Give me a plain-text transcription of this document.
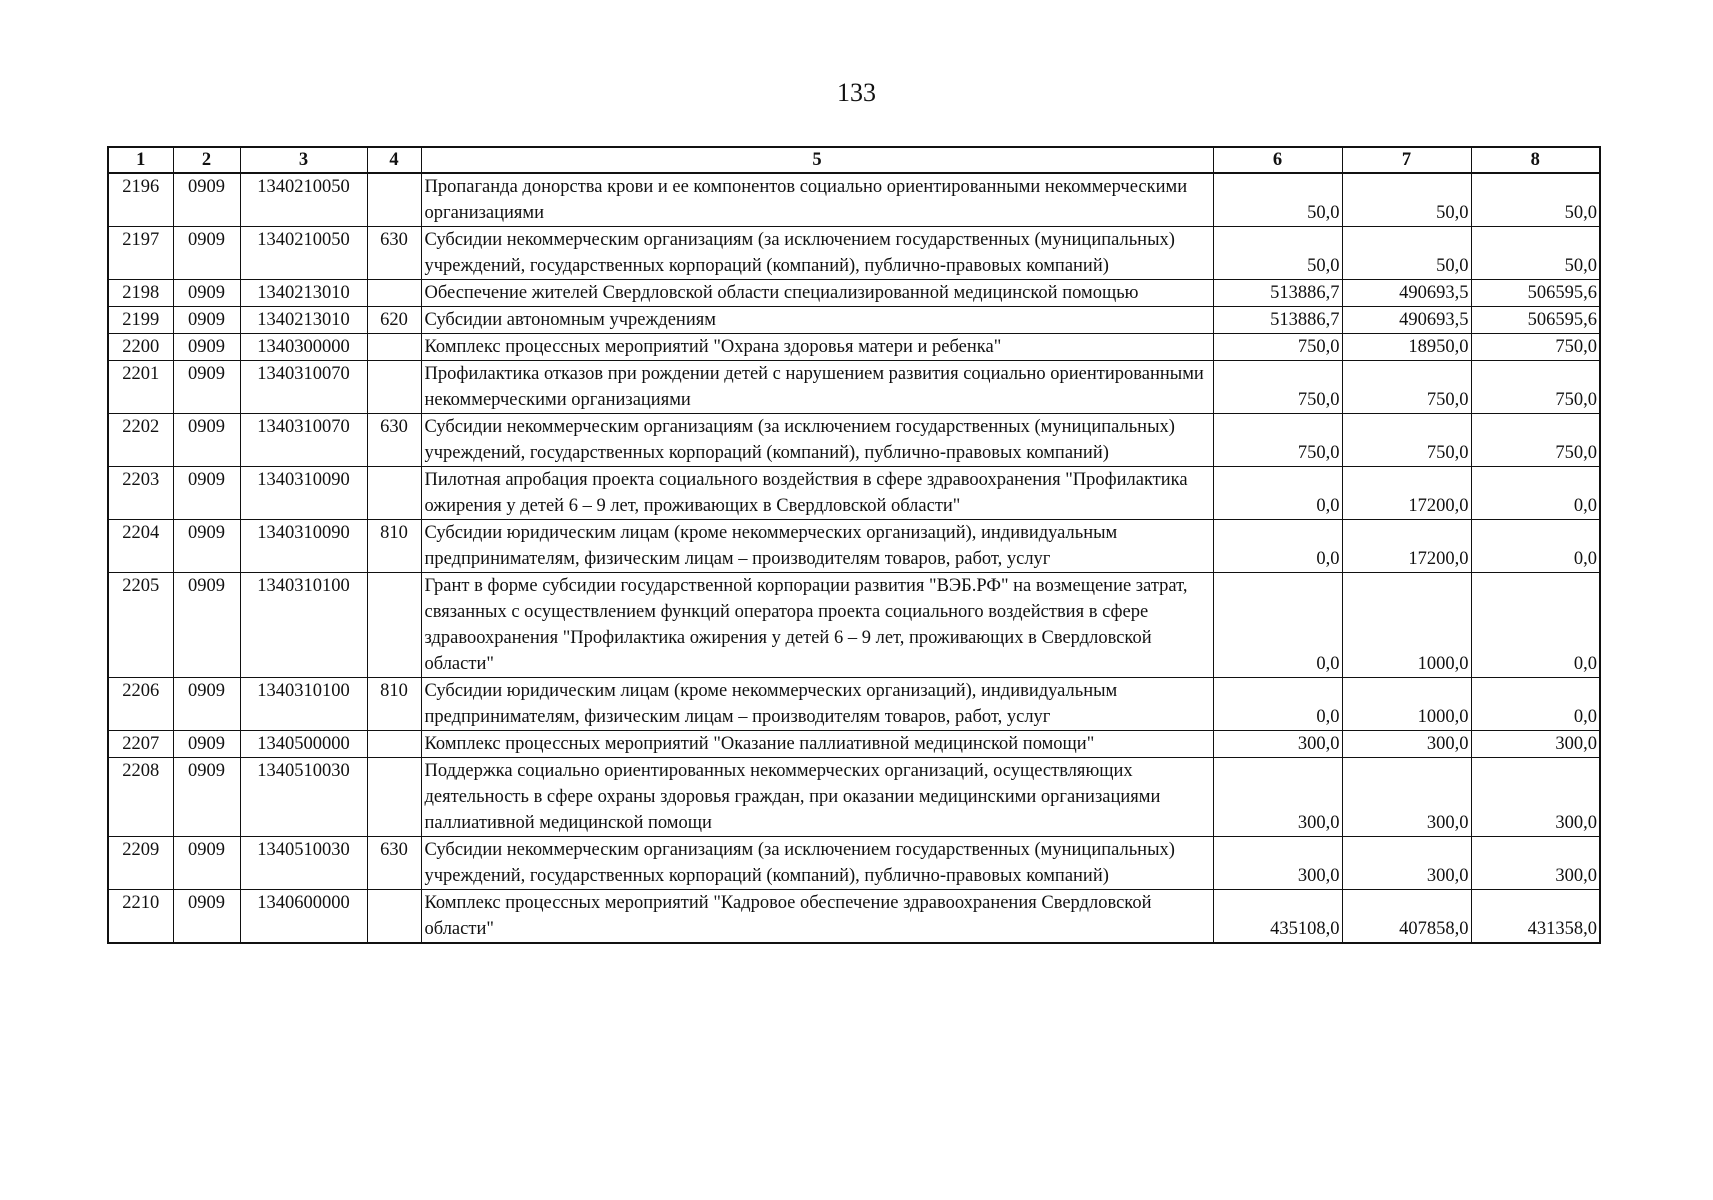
133
1	2	3	4	5	6	7	8
2196	0909	1340210050		Пропаганда донорства крови и ее компонентов социально ориентированными некоммерческими организациями	50,0	50,0	50,0
2197	0909	1340210050	630	Субсидии некоммерческим организациям (за исключением государственных (муниципальных) учреждений, государственных корпораций (компаний), публично-правовых компаний)	50,0	50,0	50,0
2198	0909	1340213010		Обеспечение жителей Свердловской области специализированной медицинской помощью	513886,7	490693,5	506595,6
2199	0909	1340213010	620	Субсидии автономным учреждениям	513886,7	490693,5	506595,6
2200	0909	1340300000		Комплекс процессных мероприятий "Охрана здоровья матери и ребенка"	750,0	18950,0	750,0
2201	0909	1340310070		Профилактика отказов при рождении детей с нарушением развития социально ориентированными некоммерческими организациями	750,0	750,0	750,0
2202	0909	1340310070	630	Субсидии некоммерческим организациям (за исключением государственных (муниципальных) учреждений, государственных корпораций (компаний), публично-правовых компаний)	750,0	750,0	750,0
2203	0909	1340310090		Пилотная апробация проекта социального воздействия в сфере здравоохранения "Профилактика ожирения у детей 6 – 9 лет, проживающих в Свердловской области"	0,0	17200,0	0,0
2204	0909	1340310090	810	Субсидии юридическим лицам (кроме некоммерческих организаций), индивидуальным предпринимателям, физическим лицам – производителям товаров, работ, услуг	0,0	17200,0	0,0
2205	0909	1340310100		Грант в форме субсидии государственной корпорации развития "ВЭБ.РФ" на возмещение затрат, связанных с осуществлением функций оператора проекта социального воздействия в сфере здравоохранения "Профилактика ожирения у детей 6 – 9 лет, проживающих в Свердловской области"	0,0	1000,0	0,0
2206	0909	1340310100	810	Субсидии юридическим лицам (кроме некоммерческих организаций), индивидуальным предпринимателям, физическим лицам – производителям товаров, работ, услуг	0,0	1000,0	0,0
2207	0909	1340500000		Комплекс процессных мероприятий "Оказание паллиативной медицинской помощи"	300,0	300,0	300,0
2208	0909	1340510030		Поддержка социально ориентированных некоммерческих организаций, осуществляющих деятельность в сфере охраны здоровья граждан, при оказании медицинскими организациями паллиативной медицинской помощи	300,0	300,0	300,0
2209	0909	1340510030	630	Субсидии некоммерческим организациям (за исключением государственных (муниципальных) учреждений, государственных корпораций (компаний), публично-правовых компаний)	300,0	300,0	300,0
2210	0909	1340600000		Комплекс процессных мероприятий "Кадровое обеспечение здравоохранения Свердловской области"	435108,0	407858,0	431358,0
